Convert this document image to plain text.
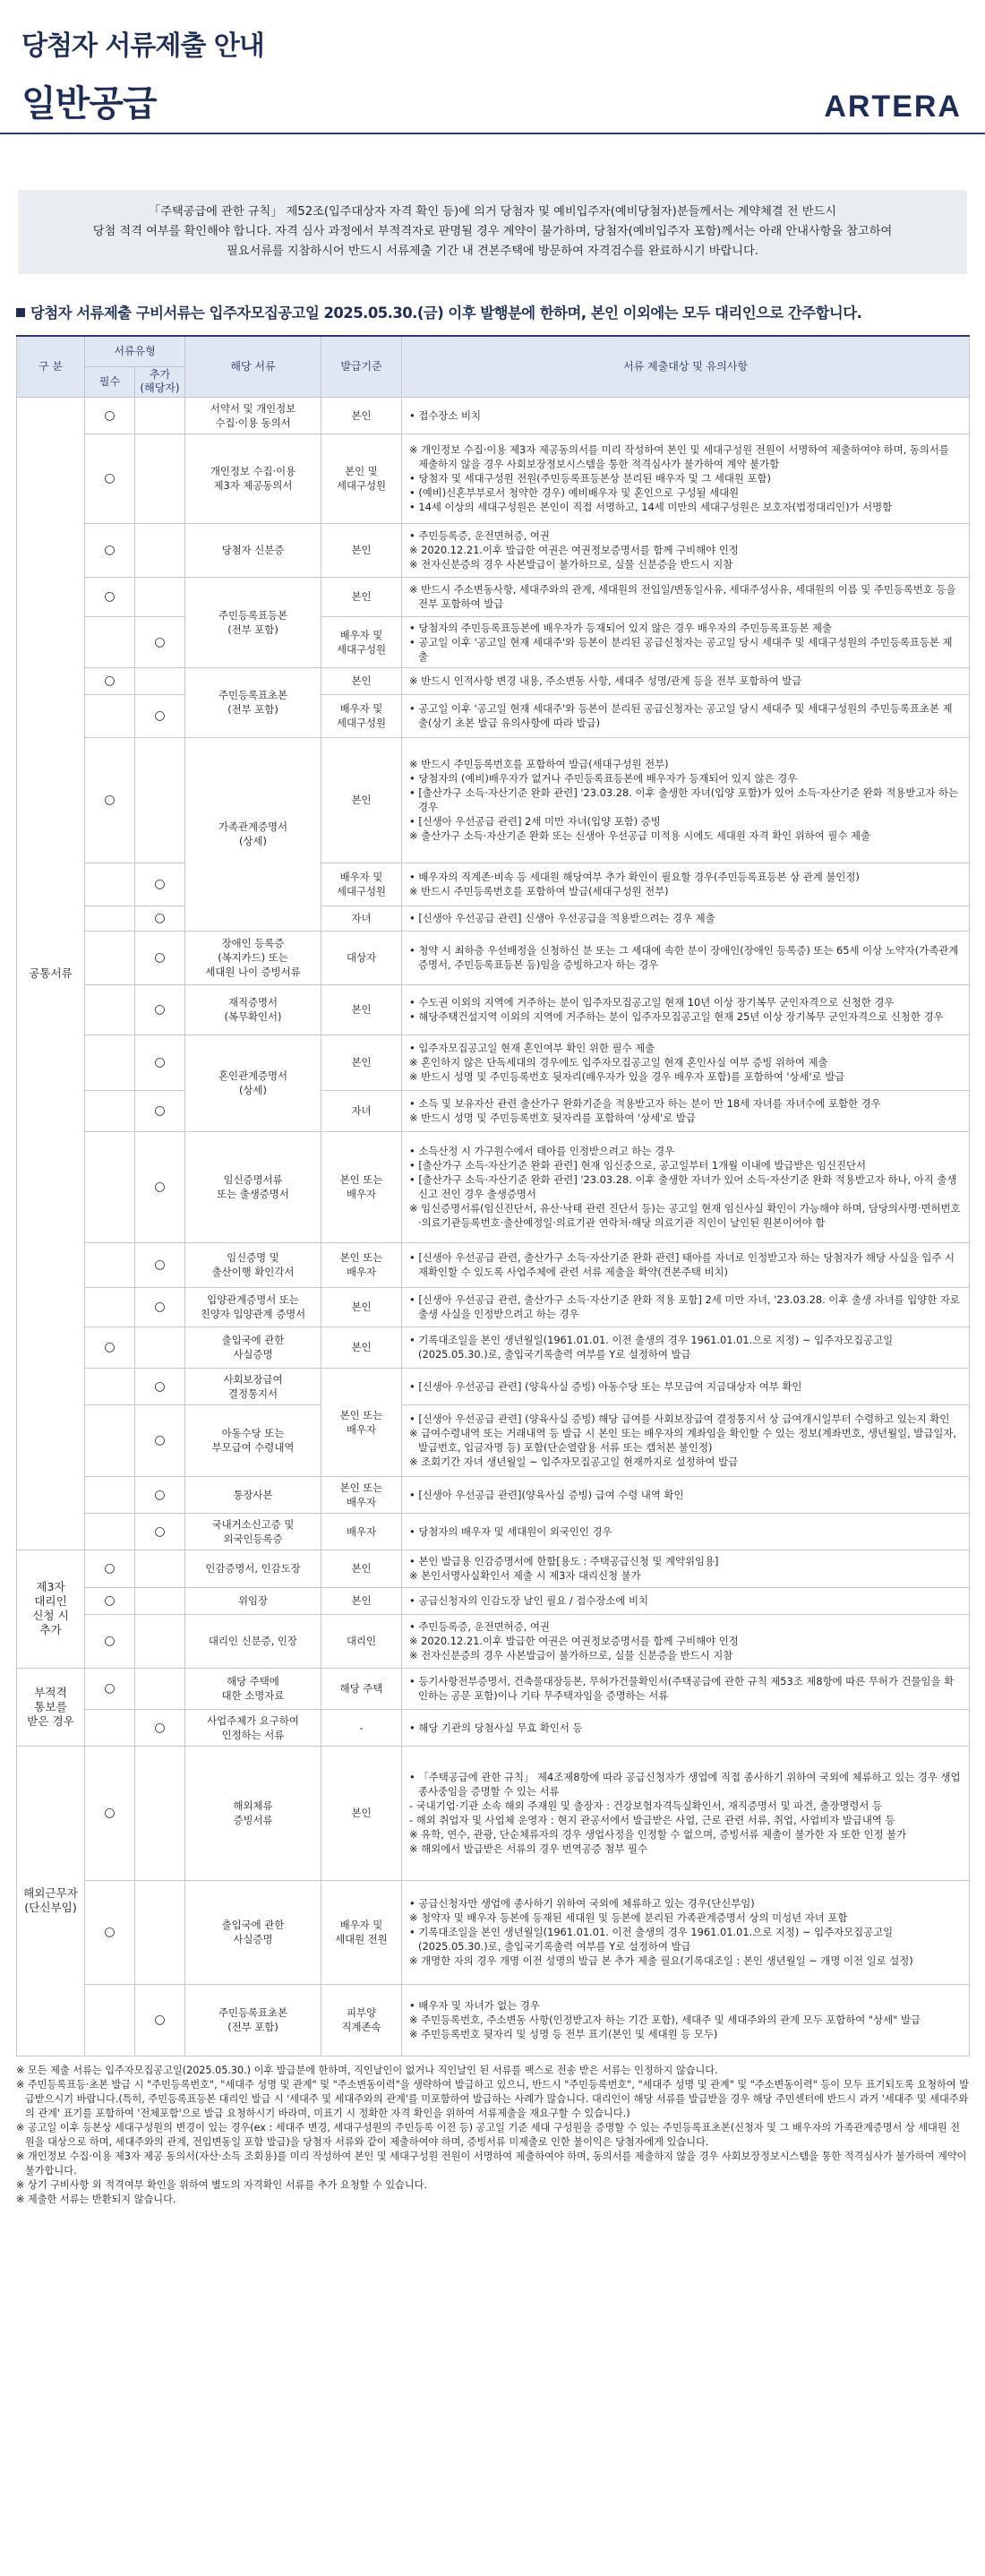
당첨자 서류제출 안내
일반공급	ARTERA
「주택공급에 관한 규칙」 제52조(입주대상자 자격 확인 등)에 의거 당첨자 및 예비입주자(예비당첨자)분들께서는 계약체결 전 반드시
당첨 적격 여부를 확인해야 합니다. 자격 심사 과정에서 부적격자로 판명될 경우 계약이 불가하며, 당첨자(예비입주자 포함)께서는 아래 안내사항을 참고하여
필요서류를 지참하시어 반드시 서류제출 기간 내 견본주택에 방문하여 자격검수를 완료하시기 바랍니다.
당첨자 서류제출 구비서류는 입주자모집공고일 2025.05.30.(금) 이후 발행분에 한하며, 본인 이외에는 모두 대리인으로 간주합니다.
구 분	서류유형		해당 서류	발급기준	서류 제출대상 및 유의사항
	필수	추가
(해당자)			
공통서류	○		서약서 및 개인정보
수집·이용 동의서	본인	• 접수장소 비치

	○		개인정보 수집·이용
제3자 제공동의서	본인 및
세대구성원	※ 개인정보 수집·이용 제3자 제공동의서를 미리 작성하여 본인 및 세대구성원 전원이 서명하여 제출하여야 하며, 동의서를 제출하지 않을 경우 사회보장정보시스템을 통한 적격심사가 불가하여 계약 불가함
• 당첨자 및 세대구성원 전원(주민등록표등본상 분리된 배우자 및 그 세대원 포함)
• (예비)신혼부부로서 청약한 경우) 예비배우자 및 혼인으로 구성될 세대원
• 14세 이상의 세대구성원은 본인이 직접 서명하고, 14세 미만의 세대구성원은 보호자(법정대리인)가 서명함

	○		당첨자 신분증	본인	• 주민등록증, 운전면허증, 여권
※ 2020.12.21.이후 발급한 여권은 여권정보증명서를 함께 구비해야 인정
※ 전자신분증의 경우 사본발급이 불가하므로, 실물 신분증을 반드시 지참

	○		주민등록표등본
(전부 포함)	본인	※ 반드시 주소변동사항, 세대주와의 관계, 세대원의 전입일/변동일사유, 세대주성사유, 세대원의 이름 및 주민등록번호 등을 전부 포함하여 발급

		○		배우자 및
세대구성원	• 당첨자의 주민등록표등본에 배우자가 등재되어 있지 않은 경우 배우자의 주민등록표등본 제출
• 공고일 이후 '공고일 현재 세대주'와 등본이 분리된 공급신청자는 공고일 당시 세대주 및 세대구성원의 주민등록표등본 제출

	○		주민등록표초본
(전부 포함)	본인	※ 반드시 인적사항 변경 내용, 주소변동 사항, 세대주 성명/관계 등을 전부 포함하여 발급

		○		배우자 및
세대구성원	• 공고일 이후 '공고일 현재 세대주'와 등본이 분리된 공급신청자는 공고일 당시 세대주 및 세대구성원의 주민등록표초본 제출(상기 초본 발급 유의사항에 따라 발급)

	○		가족관계증명서
(상세)	본인	※ 반드시 주민등록번호를 포함하여 발급(세대구성원 전부)
• 당첨자의 (예비)배우자가 없거나 주민등록표등본에 배우자가 등재되어 있지 않은 경우
• [출산가구 소득·자산기준 완화 관련] '23.03.28. 이후 출생한 자녀(입양 포함)가 있어 소득·자산기준 완화 적용받고자 하는 경우
• [신생아 우선공급 관련] 2세 미만 자녀(입양 포함) 증빙
※ 출산가구 소득·자산기준 완화 또는 신생아 우선공급 미적용 시에도 세대원 자격 확인 위하여 필수 제출

		○		배우자 및
세대구성원	• 배우자의 직계존·비속 등 세대원 해당여부 추가 확인이 필요할 경우(주민등록표등본 상 관계 불인정)
※ 반드시 주민등록번호를 포함하여 발급(세대구성원 전부)

		○		자녀	• [신생아 우선공급 관련] 신생아 우선공급을 적용받으려는 경우 제출

		○	장애인 등록증
(복지카드) 또는
세대원 나이 증빙서류	대상자	• 청약 시 최하층 우선배정을 신청하신 분 또는 그 세대에 속한 분이 장애인(장애인 등록증) 또는 65세 이상 노약자(가족관계증명서, 주민등록표등본 등)임을 증빙하고자 하는 경우

		○	재직증명서
(복무확인서)	본인	• 수도권 이외의 지역에 거주하는 분이 입주자모집공고일 현재 10년 이상 장기복무 군인자격으로 신청한 경우
• 해당주택건설지역 이외의 지역에 거주하는 분이 입주자모집공고일 현재 25년 이상 장기복무 군인자격으로 신청한 경우

		○	혼인관계증명서
(상세)	본인	• 입주자모집공고일 현재 혼인여부 확인 위한 필수 제출
※ 혼인하지 않은 단독세대의 경우에도 입주자모집공고일 현재 혼인사실 여부 증빙 위하여 제출
※ 반드시 성명 및 주민등록번호 뒷자리(배우자가 있을 경우 배우자 포함)를 포함하여 '상세'로 발급

		○		자녀	• 소득 및 보유자산 관련 출산가구 완화기준을 적용받고자 하는 분이 만 18세 자녀를 자녀수에 포함한 경우
※ 반드시 성명 및 주민등록번호 뒷자리를 포함하여 '상세'로 발급

		○	임신증명서류
또는 출생증명서	본인 또는
배우자	• 소득산정 시 가구원수에서 태아를 인정받으려고 하는 경우
• [출산가구 소득·자산기준 완화 관련] 현재 임신중으로, 공고일부터 1개월 이내에 발급받은 임신진단서
• [출산가구 소득·자산기준 완화 관련] '23.03.28. 이후 출생한 자녀가 있어 소득·자산기준 완화 적용받고자 하나, 아직 출생신고 전인 경우 출생증명서
※ 임신증명서류(임신진단서, 유산·낙태 관련 진단서 등)는 공고일 현재 임신사실 확인이 가능해야 하며, 담당의사명·면허번호·의료기관등록번호·출산예정일·의료기관 연락처·해당 의료기관 직인이 날인된 원본이어야 함

		○	임신증명 및
출산이행 확인각서	본인 또는
배우자	• [신생아 우선공급 관련, 출산가구 소득·자산기준 완화 관련] 태아를 자녀로 인정받고자 하는 당첨자가 해당 사실을 입주 시 재확인할 수 있도록 사업주체에 관련 서류 제출을 확약(견본주택 비치)

		○	입양관계증명서 또는
친양자 입양관계 증명서	본인	• [신생아 우선공급 관련, 출산가구 소득·자산기준 완화 적용 포함] 2세 미만 자녀, '23.03.28. 이후 출생 자녀를 입양한 자로 출생 사실을 인정받으려고 하는 경우

	○		출입국에 관한
사실증명	본인	• 기록대조일을 본인 생년월일(1961.01.01. 이전 출생의 경우 1961.01.01.으로 지정) ~ 입주자모집공고일(2025.05.30.)로, 출입국기록출력 여부를 Y로 설정하여 발급

		○	사회보장급여
결정통지서	본인 또는
배우자	• [신생아 우선공급 관련] (양육사실 증빙) 아동수당 또는 부모급여 지급대상자 여부 확인

		○	아동수당 또는
부모급여 수령내역		• [신생아 우선공급 관련] (양육사실 증빙) 해당 급여를 사회보장급여 결정통지서 상 급여개시일부터 수령하고 있는지 확인
※ 급여수령내역 또는 거래내역 등 발급 시 본인 또는 배우자의 계좌임을 확인할 수 있는 정보(계좌번호, 생년월일, 발급일자, 발급번호, 입금자명 등) 포함(단순열람용 서류 또는 캡처본 불인정)
※ 조회기간 자녀 생년월일 ~ 입주자모집공고일 현재까지로 설정하여 발급

		○	통장사본	본인 또는
배우자	• [신생아 우선공급 관련](양육사실 증빙) 급여 수령 내역 확인

		○	국내거소신고증 및
외국인등록증	배우자	• 당첨자의 배우자 및 세대원이 외국인인 경우

제3자
대리인
신청 시
추가	○		인감증명서, 인감도장	본인	• 본인 발급용 인감증명서에 한함[용도 : 주택공급신청 및 계약위임용]
※ 본인서명사실확인서 제출 시 제3자 대리신청 불가

	○		위임장	본인	• 공급신청자의 인감도장 날인 필요 / 접수장소에 비치

	○		대리인 신분증, 인장	대리인	• 주민등록증, 운전면허증, 여권
※ 2020.12.21.이후 발급한 여권은 여권정보증명서를 함께 구비해야 인정
※ 전자신분증의 경우 사본발급이 불가하므로, 실물 신분증을 반드시 지참

부적격
통보를
받은 경우	○		해당 주택에
대한 소명자료	해당 주택	• 등기사항전부증명서, 건축물대장등본, 무허가건물확인서(주택공급에 관한 규칙 제53조 제8항에 따른 무허가 건물임을 확인하는 공문 포함)이나 기타 무주택자임을 증명하는 서류

		○	사업주체가 요구하여
인정하는 서류	-	• 해당 기관의 당첨사실 무효 확인서 등

해외근무자
(단신부임)	○		해외체류
증빙서류	본인	• 「주택공급에 관한 규칙」 제4조제8항에 따라 공급신청자가 생업에 직접 종사하기 위하여 국외에 체류하고 있는 경우 생업 종사중임을 증명할 수 있는 서류
- 국내기업·기관 소속 해외 주재원 및 출장자 : 건강보험자격득실확인서, 재직증명서 및 파견, 출장명령서 등
- 해외 취업자 및 사업체 운영자 : 현지 관공서에서 발급받은 사업, 근로 관련 서류, 취업, 사업비자 발급내역 등
※ 유학, 연수, 관광, 단순체류자의 경우 생업사정을 인정할 수 없으며, 증빙서류 제출이 불가한 자 또한 인정 불가
※ 해외에서 발급받은 서류의 경우 번역공증 첨부 필수

	○		출입국에 관한
사실증명	배우자 및
세대원 전원	• 공급신청자만 생업에 종사하기 위하여 국외에 체류하고 있는 경우(단신부임)
※ 청약자 및 배우자 등본에 등재된 세대원 및 등본에 분리된 가족관계증명서 상의 미성년 자녀 포함
• 기록대조일을 본인 생년월일(1961.01.01. 이전 출생의 경우 1961.01.01.으로 지정) ~ 입주자모집공고일(2025.05.30.)로, 출입국기록출력 여부를 Y로 설정하여 발급
※ 개명한 자의 경우 개명 이전 성명의 발급 본 추가 제출 필요(기록대조일 : 본인 생년월일 ~ 개명 이전 일로 설정)

		○	주민등록표초본
(전부 포함)	피부양
직계존속	• 배우자 및 자녀가 없는 경우
※ 주민등록번호, 주소변동 사항(인정받고자 하는 기간 포함), 세대주 및 세대주와의 관계 모두 포함하여 "상세" 발급
※ 주민등록번호 뒷자리 및 성명 등 전부 표기(본인 및 세대원 등 모두)
※ 모든 제출 서류는 입주자모집공고일(2025.05.30.) 이후 발급분에 한하며, 직인날인이 없거나 직인날인 된 서류를 팩스로 전송 받은 서류는 인정하지 않습니다.
※ 주민등록표등·초본 발급 시 "주민등록번호", "세대주 성명 및 관계" 및 "주소변동이력"을 생략하여 발급하고 있으니, 반드시 "주민등록번호", "세대주 성명 및 관계" 및 "주소변동이력" 등이 모두 표기되도록 요청하여 발급받으시기 바랍니다.(특히, 주민등록표등본 대리인 발급 시 '세대주 및 세대주와의 관계'를 미포함하여 발급하는 사례가 많습니다. 대리인이 해당 서류를 발급받을 경우 해당 주민센터에 반드시 과거 '세대주 및 세대주와의 관계' 표기를 포함하여 '전체포함'으로 발급 요청하시기 바라며, 미표기 시 정확한 자격 확인을 위하여 서류제출을 재요구할 수 있습니다.)
※ 공고일 이후 등본상 세대구성원의 변경이 있는 경우(ex : 세대주 변경, 세대구성원의 주민등록 이전 등) 공고일 기준 세대 구성원을 증명할 수 있는 주민등록표초본(신청자 및 그 배우자의 가족관계증명서 상 세대원 전원을 대상으로 하며, 세대주와의 관계, 전입변동일 포함 발급)을 당첨자 서류와 같이 제출하여야 하며, 증빙서류 미제출로 인한 불이익은 당첨자에게 있습니다.
※ 개인정보 수집·이용 제3자 제공 동의서(자산·소득 조회용)를 미리 작성하여 본인 및 세대구성원 전원이 서명하여 제출하여야 하며, 동의서를 제출하지 않을 경우 사회보장정보시스템을 통한 적격심사가 불가하여 계약이 불가합니다.
※ 상기 구비사항 외 적격여부 확인을 위하여 별도의 자격확인 서류를 추가 요청할 수 있습니다.
※ 제출한 서류는 반환되지 않습니다.
